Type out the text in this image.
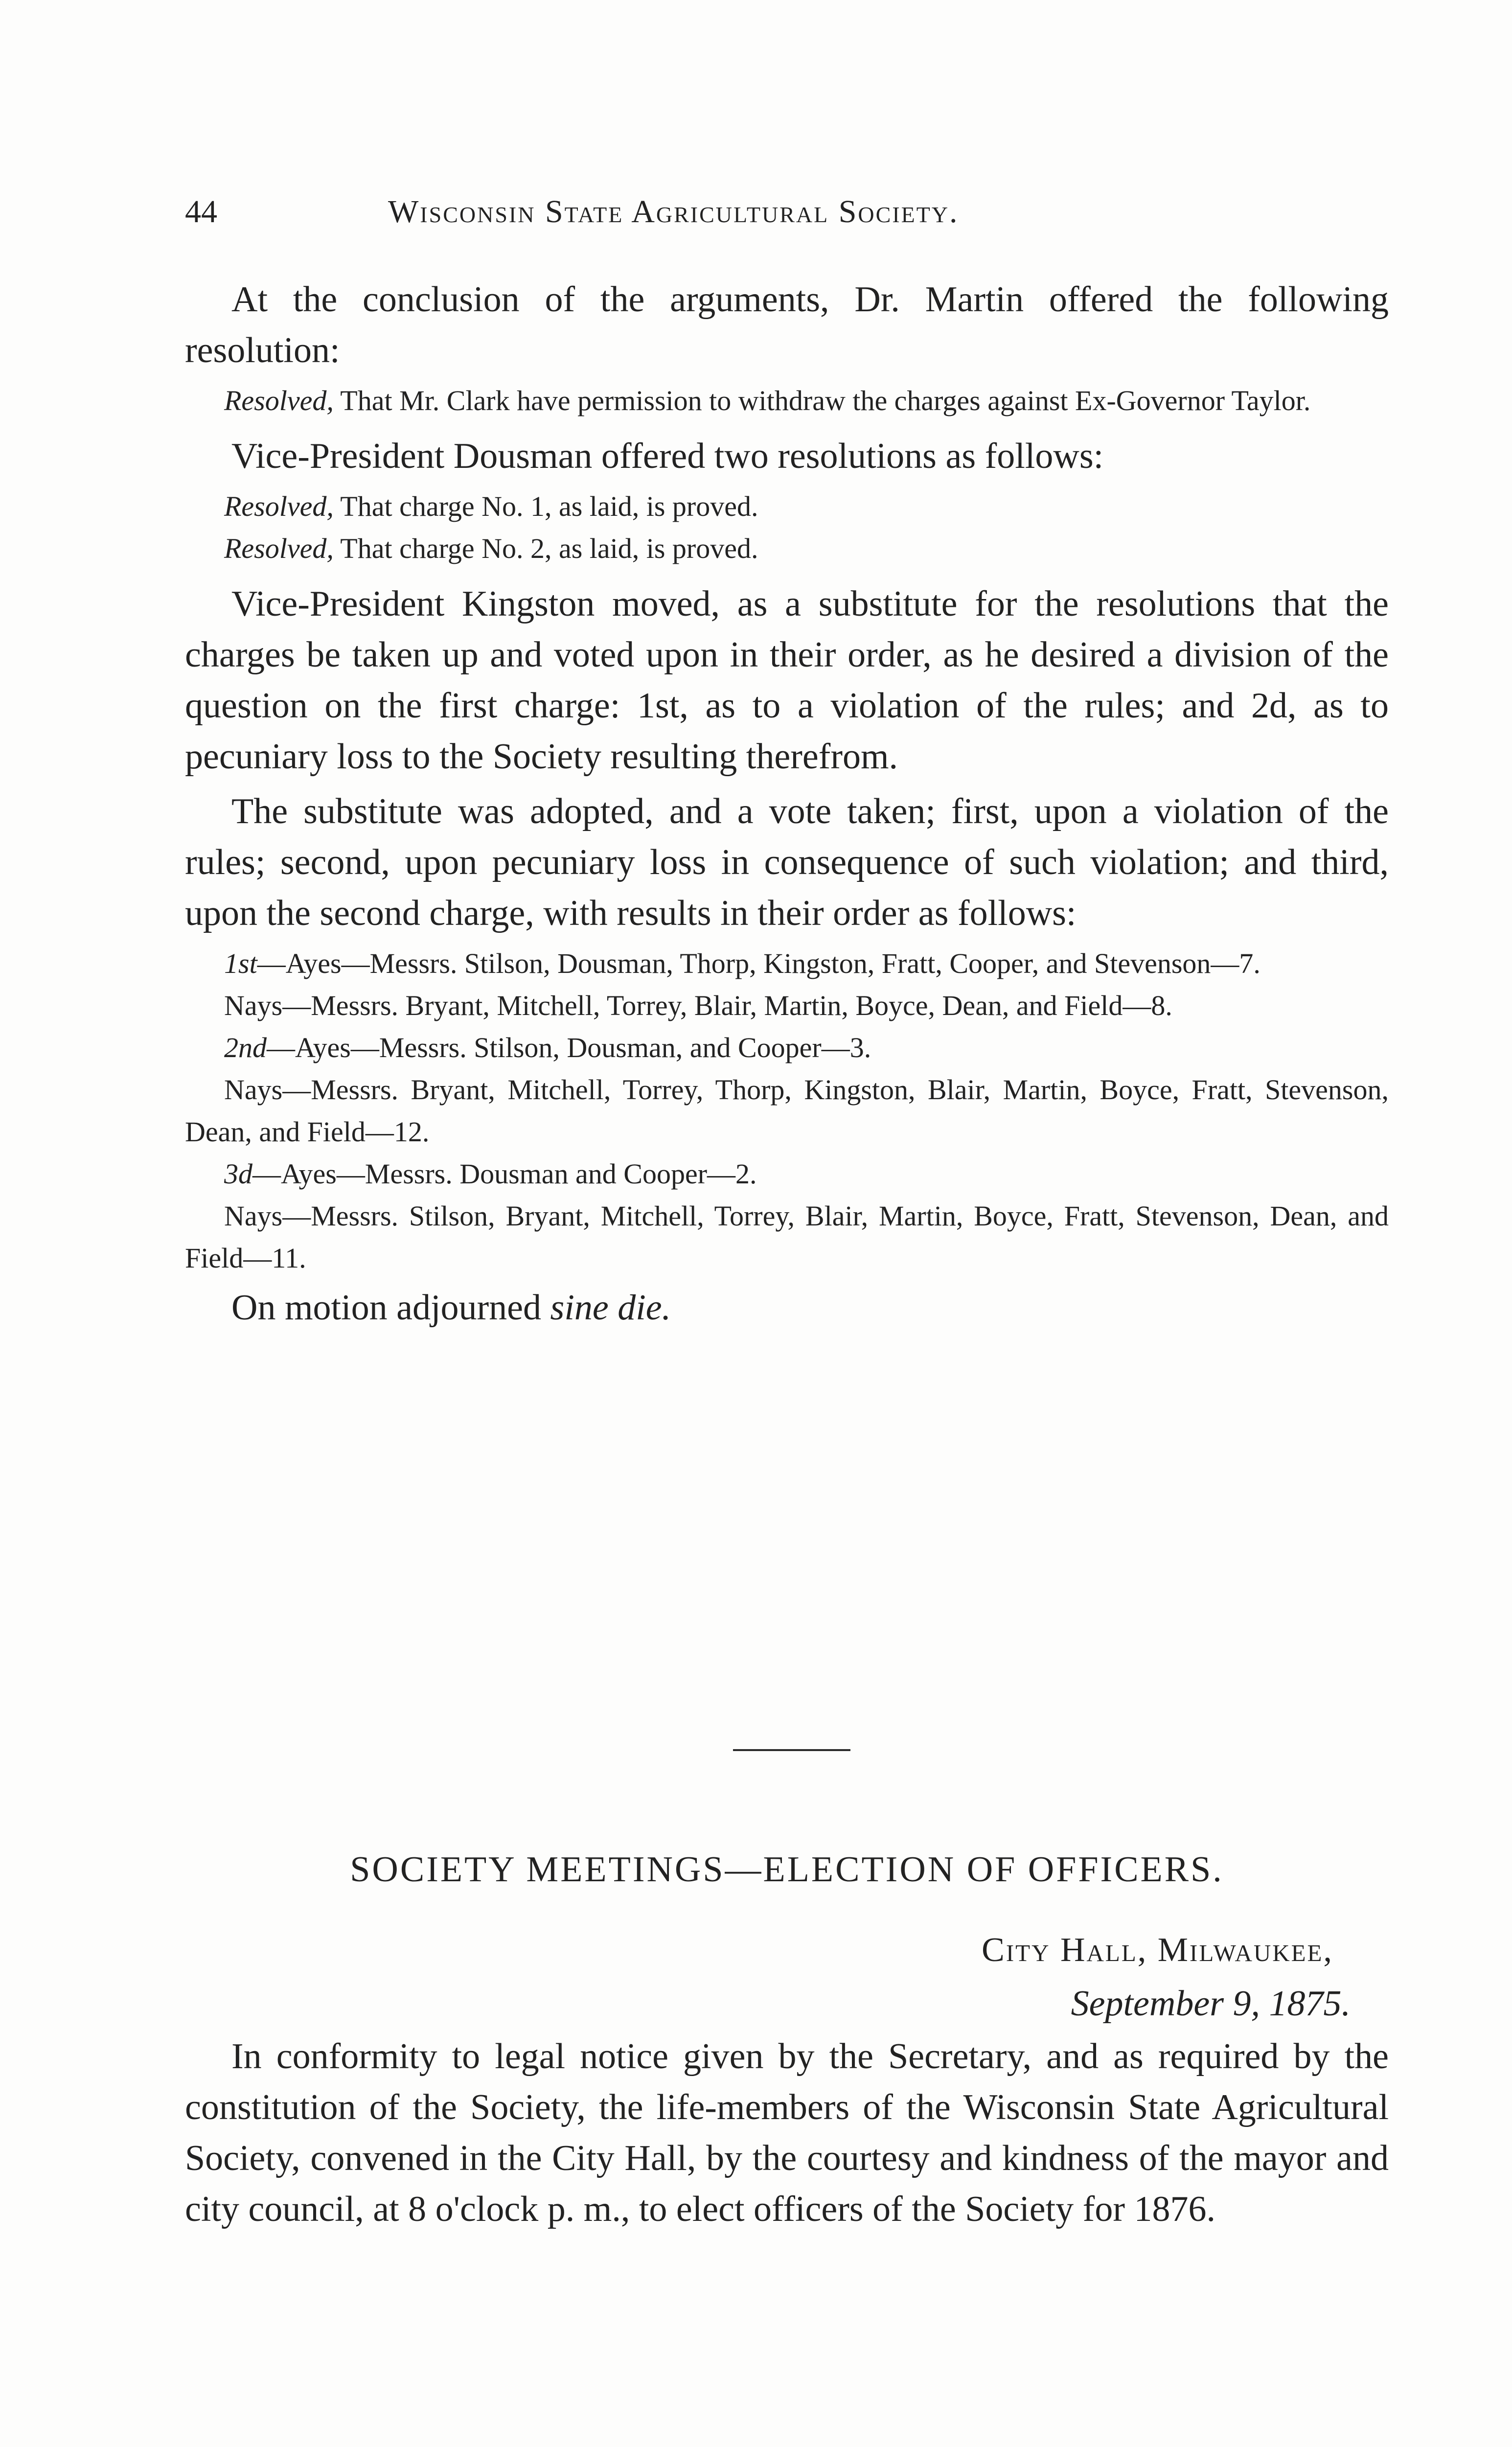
44	Wisconsin State Agricultural Society.

At the conclusion of the arguments, Dr. Martin offered the following resolution:

Resolved, That Mr. Clark have permission to withdraw the charges against Ex-Governor Taylor.

Vice-President Dousman offered two resolutions as follows:

Resolved, That charge No. 1, as laid, is proved.

Resolved, That charge No. 2, as laid, is proved.

Vice-President Kingston moved, as a substitute for the resolutions that the charges be taken up and voted upon in their order, as he desired a division of the question on the first charge: 1st, as to a violation of the rules; and 2d, as to pecuniary loss to the Society resulting therefrom.

The substitute was adopted, and a vote taken; first, upon a violation of the rules; second, upon pecuniary loss in consequence of such violation; and third, upon the second charge, with results in their order as follows:

1st—Ayes—Messrs. Stilson, Dousman, Thorp, Kingston, Fratt, Cooper, and Stevenson—7.

Nays—Messrs. Bryant, Mitchell, Torrey, Blair, Martin, Boyce, Dean, and Field—8.

2nd—Ayes—Messrs. Stilson, Dousman, and Cooper—3.

Nays—Messrs. Bryant, Mitchell, Torrey, Thorp, Kingston, Blair, Martin, Boyce, Fratt, Stevenson, Dean, and Field—12.

3d—Ayes—Messrs. Dousman and Cooper—2.

Nays—Messrs. Stilson, Bryant, Mitchell, Torrey, Blair, Martin, Boyce, Fratt, Stevenson, Dean, and Field—11.

On motion adjourned sine die.

SOCIETY MEETINGS—ELECTION OF OFFICERS.
City Hall, Milwaukee,
September 9, 1875.

In conformity to legal notice given by the Secretary, and as required by the constitution of the Society, the life-members of the Wisconsin State Agricultural Society, convened in the City Hall, by the courtesy and kindness of the mayor and city council, at 8 o'clock p. m., to elect officers of the Society for 1876.
